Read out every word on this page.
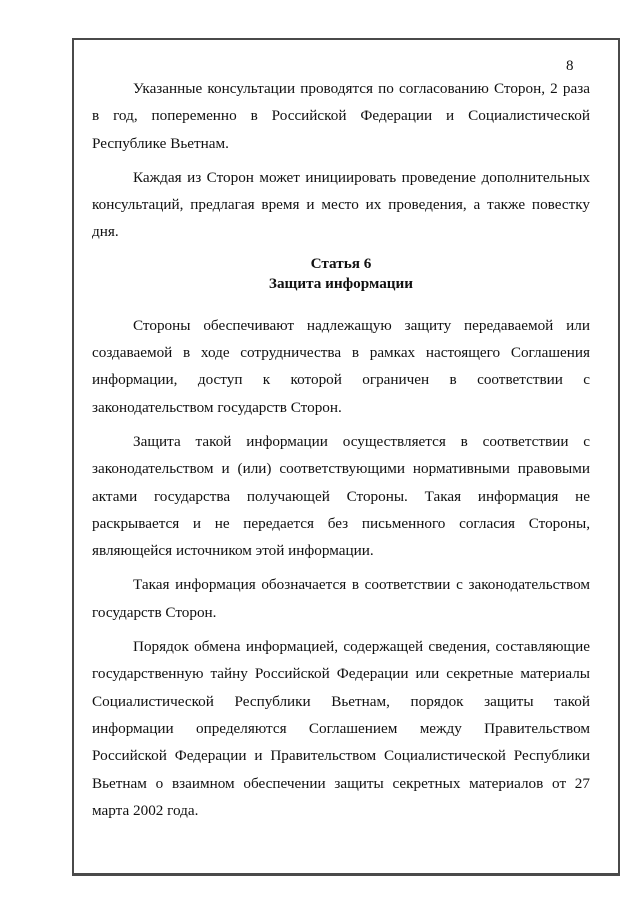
8

Указанные консультации проводятся по согласованию Сторон, 2 раза в год, попеременно в Российской Федерации и Социалистической Республике Вьетнам.

Каждая из Сторон может инициировать проведение дополнительных консультаций, предлагая время и место их проведения, а также повестку дня.

Статья 6
Защита информации

Стороны обеспечивают надлежащую защиту передаваемой или создаваемой в ходе сотрудничества в рамках настоящего Соглашения информации, доступ к которой ограничен в соответствии с законодательством государств Сторон.

Защита такой информации осуществляется в соответствии с законодательством и (или) соответствующими нормативными правовыми актами государства получающей Стороны. Такая информация не раскрывается и не передается без письменного согласия Стороны, являющейся источником этой информации.

Такая информация обозначается в соответствии с законодательством государств Сторон.

Порядок обмена информацией, содержащей сведения, составляющие государственную тайну Российской Федерации или секретные материалы Социалистической Республики Вьетнам, порядок защиты такой информации определяются Соглашением между Правительством Российской Федерации и Правительством Социалистической Республики Вьетнам о взаимном обеспечении защиты секретных материалов от 27 марта 2002 года.
